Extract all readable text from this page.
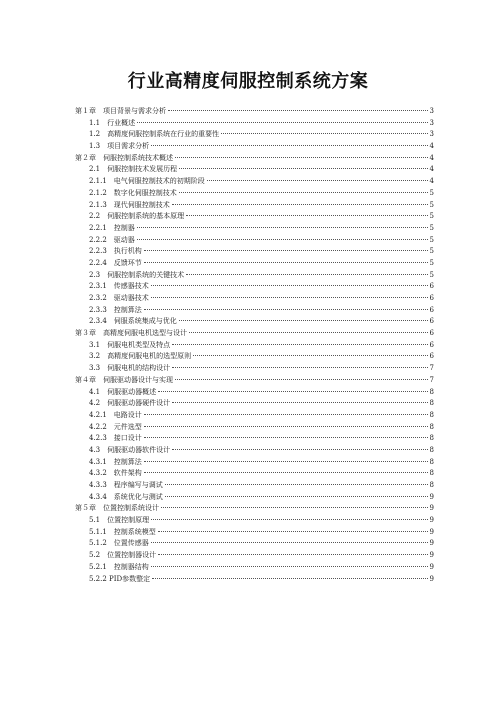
行业高精度伺服控制系统方案
第１章　项目背景与需求分析	3
1.1　行业概述	3
1.2　高精度伺服控制系统在行业的重要性	3
1.3　项目需求分析	4
第２章　伺服控制系统技术概述	4
2.1　伺服控制技术发展历程	4
2.1.1　电气伺服控制技术的初期阶段	4
2.1.2　数字化伺服控制技术	5
2.1.3　现代伺服控制技术	5
2.2　伺服控制系统的基本原理	5
2.2.1　控制器	5
2.2.2　驱动器	5
2.2.3　执行机构	5
2.2.4　反馈环节	5
2.3　伺服控制系统的关键技术	5
2.3.1　传感器技术	6
2.3.2　驱动器技术	6
2.3.3　控制算法	6
2.3.4　伺服系统集成与优化	6
第３章　高精度伺服电机选型与设计	6
3.1　伺服电机类型及特点	6
3.2　高精度伺服电机的选型原则	6
3.3　伺服电机的结构设计	7
第４章　伺服驱动器设计与实现	7
4.1　伺服驱动器概述	8
4.2　伺服驱动器硬件设计	8
4.2.1　电路设计	8
4.2.2　元件选型	8
4.2.3　接口设计	8
4.3　伺服驱动器软件设计	8
4.3.1　控制算法	8
4.3.2　软件架构	8
4.3.3　程序编写与调试	8
4.3.4　系统优化与测试	9
第５章　位置控制系统设计	9
5.1　位置控制原理	9
5.1.1　控制系统模型	9
5.1.2　位置传感器	9
5.2　位置控制器设计	9
5.2.1　控制器结构	9
5.2.2 PID参数整定	9
